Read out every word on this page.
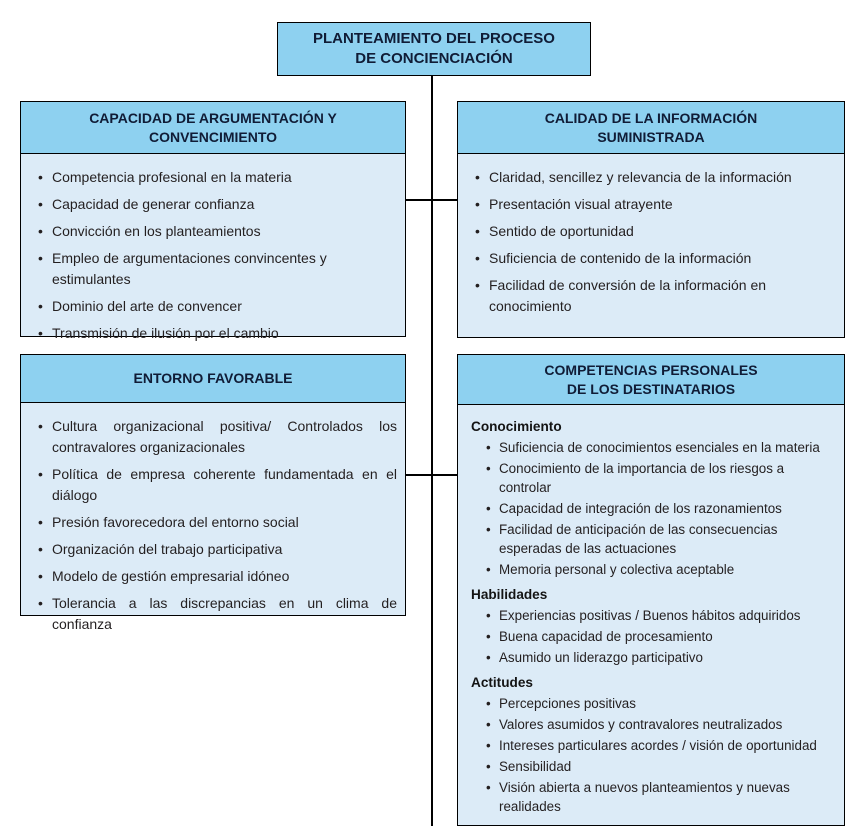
PLANTEAMIENTO DEL PROCESO
DE CONCIENCIACIÓN
CAPACIDAD DE ARGUMENTACIÓN Y
CONVENCIMIENTO
• Competencia profesional en la materia
• Capacidad de generar confianza
• Convicción en los planteamientos
• Empleo de argumentaciones convincentes y estimulantes
• Dominio del arte de convencer
• Transmisión de ilusión por el cambio
CALIDAD DE LA INFORMACIÓN
SUMINISTRADA
• Claridad, sencillez y relevancia de la información
• Presentación visual atrayente
• Sentido de oportunidad
• Suficiencia de contenido de la información
• Facilidad de conversión de la información en conocimiento
ENTORNO FAVORABLE
• Cultura organizacional positiva/ Controlados los contravalores organizacionales
• Política de empresa coherente fundamentada en el diálogo
• Presión favorecedora del entorno social
• Organización del trabajo participativa
• Modelo de gestión empresarial idóneo
• Tolerancia a las discrepancias en un clima de confianza
COMPETENCIAS PERSONALES
DE LOS DESTINATARIOS
Conocimiento
• Suficiencia de conocimientos esenciales en la materia
• Conocimiento de la importancia de los riesgos a controlar
• Capacidad de integración de los razonamientos
• Facilidad de anticipación de las consecuencias esperadas de las actuaciones
• Memoria personal y colectiva aceptable
Habilidades
• Experiencias positivas / Buenos hábitos adquiridos
• Buena capacidad de procesamiento
• Asumido un liderazgo participativo
Actitudes
• Percepciones positivas
• Valores asumidos y contravalores neutralizados
• Intereses particulares acordes / visión de oportunidad
• Sensibilidad
• Visión abierta a nuevos planteamientos y nuevas realidades
